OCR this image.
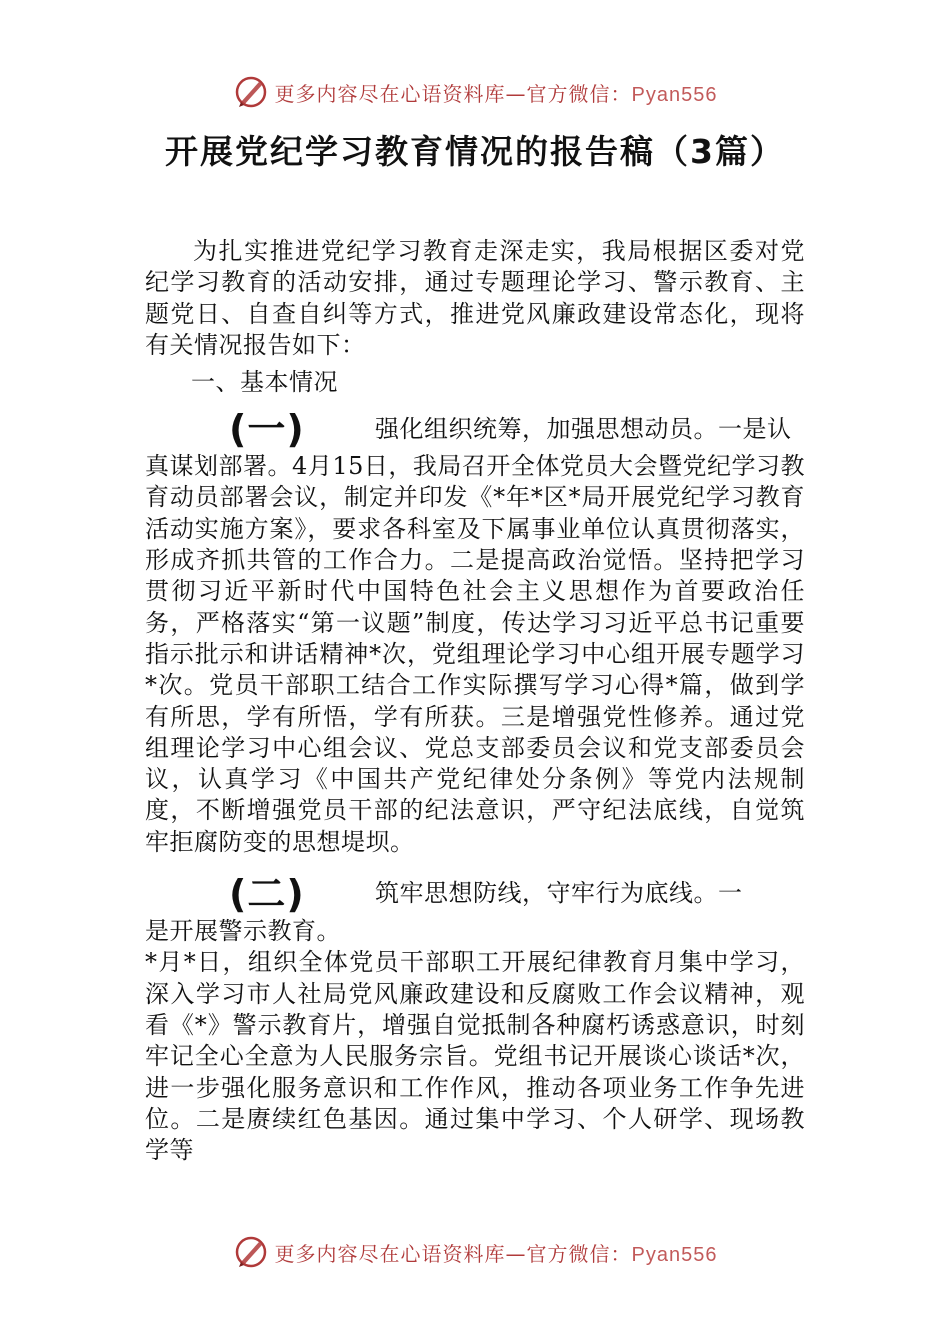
更多内容尽在心语资料库—官方微信：Pyan556
开展党纪学习教育情况的报告稿（3篇）

为扎实推进党纪学习教育走深走实，我局根据区委对党纪学习教育的活动安排，通过专题理论学习、警示教育、主题党日、自查自纠等方式，推进党风廉政建设常态化，现将有关情况报告如下：

一、基本情况

(一)	强化组织统筹，加强思想动员。一是认

真谋划部署。4月15日，我局召开全体党员大会暨党纪学习教育动员部署会议，制定并印发《*年*区*局开展党纪学习教育活动实施方案》，要求各科室及下属事业单位认真贯彻落实，形成齐抓共管的工作合力。二是提高政治觉悟。坚持把学习贯彻习近平新时代中国特色社会主义思想作为首要政治任务，严格落实“第一议题”制度，传达学习习近平总书记重要指示批示和讲话精神*次，党组理论学习中心组开展专题学习*次。党员干部职工结合工作实际撰写学习心得*篇，做到学有所思，学有所悟，学有所获。三是增强党性修养。通过党组理论学习中心组会议、党总支部委员会议和党支部委员会议，认真学习《中国共产党纪律处分条例》等党内法规制度，不断增强党员干部的纪法意识，严守纪法底线，自觉筑牢拒腐防变的思想堤坝。

(二)	筑牢思想防线，守牢行为底线。一

是开展警示教育。

*月*日，组织全体党员干部职工开展纪律教育月集中学习，深入学习市人社局党风廉政建设和反腐败工作会议精神，观看《*》警示教育片，增强自觉抵制各种腐朽诱惑意识，时刻牢记全心全意为人民服务宗旨。党组书记开展谈心谈话*次，进一步强化服务意识和工作作风，推动各项业务工作争先进位。二是赓续红色基因。通过集中学习、个人研学、现场教学等

更多内容尽在心语资料库—官方微信：Pyan556
